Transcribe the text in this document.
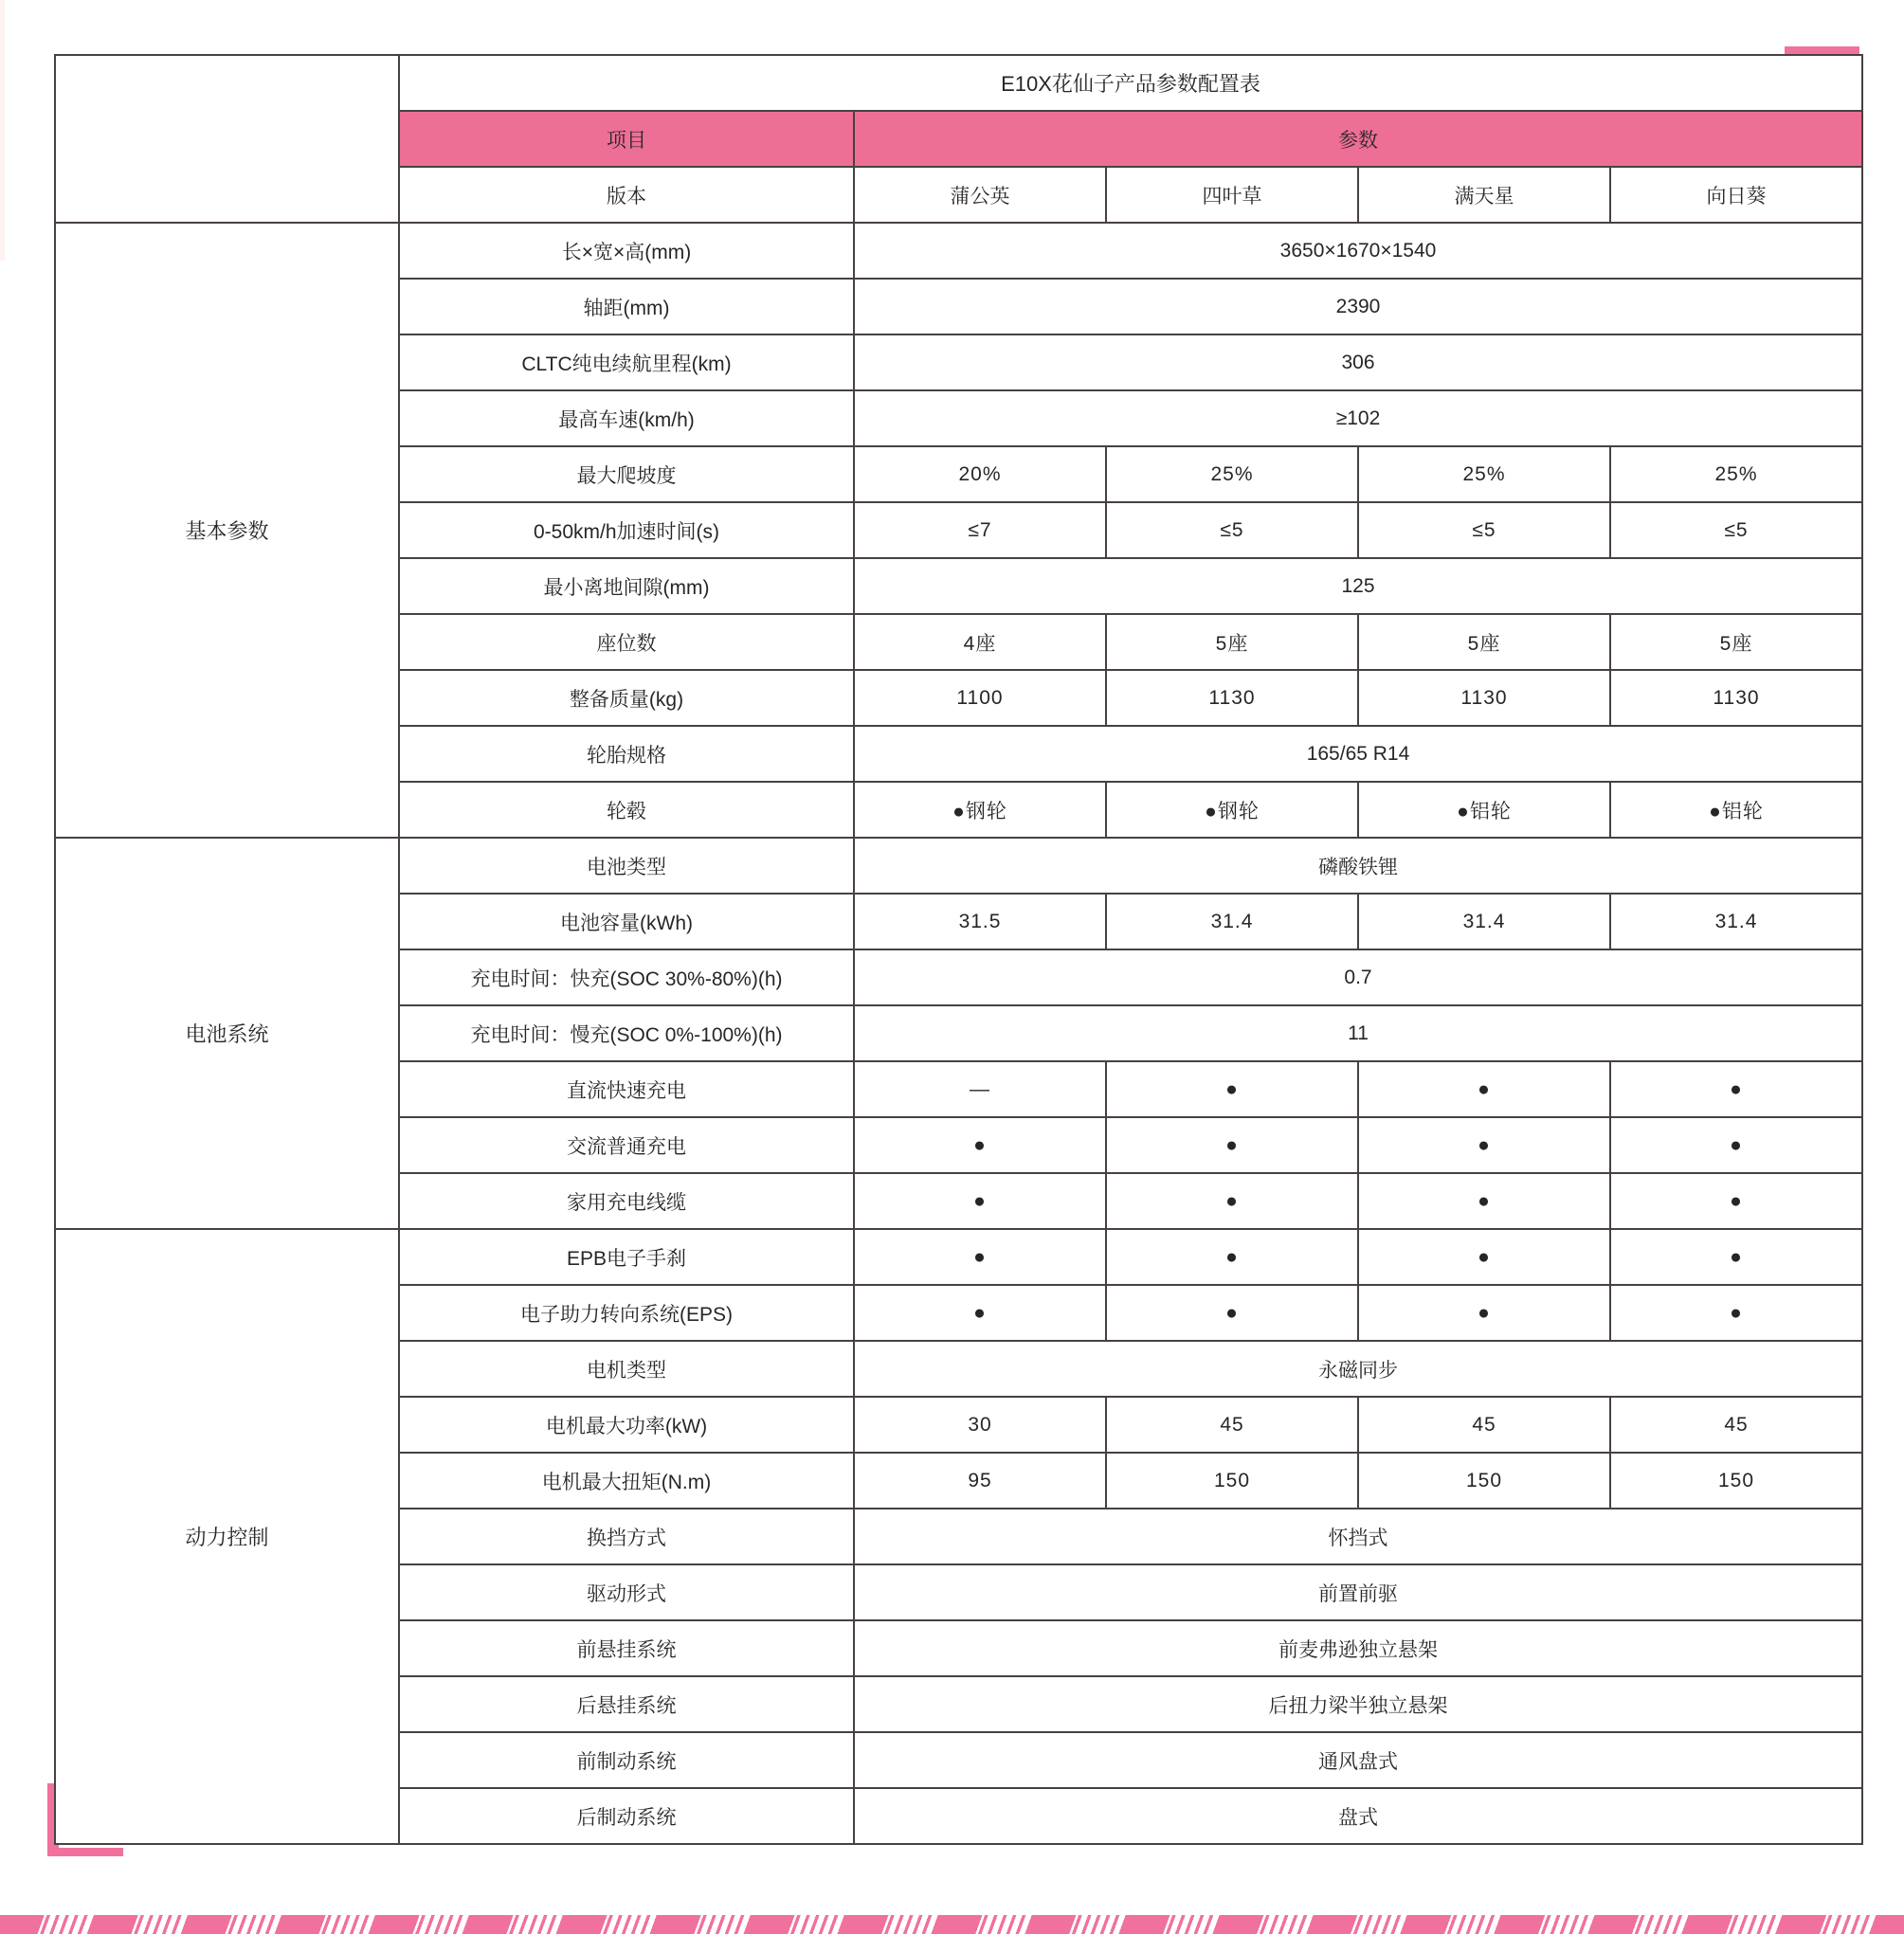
	E10X花仙子产品参数配置表				
	项目	参数			
	版本	蒲公英	四叶草	满天星	向日葵
基本参数	长×宽×高(mm)	3650×1670×1540			
	轴距(mm)	2390			
	CLTC纯电续航里程(km)	306			
	最高车速(km/h)	≥102			
	最大爬坡度	20%	25%	25%	25%
	0-50km/h加速时间(s)	≤7	≤5	≤5	≤5
	最小离地间隙(mm)	125			
	座位数	4座	5座	5座	5座
	整备质量(kg)	1100	1130	1130	1130
	轮胎规格	165/65 R14			
	轮毂	●钢轮	●钢轮	●铝轮	●铝轮
电池系统	电池类型	磷酸铁锂			
	电池容量(kWh)	31.5	31.4	31.4	31.4
	充电时间：快充(SOC 30%-80%)(h)	0.7			
	充电时间：慢充(SOC 0%-100%)(h)	11			
	直流快速充电	—	●	●	●
	交流普通充电	●	●	●	●
	家用充电线缆	●	●	●	●
动力控制	EPB电子手刹	●	●	●	●
	电子助力转向系统(EPS)	●	●	●	●
	电机类型	永磁同步			
	电机最大功率(kW)	30	45	45	45
	电机最大扭矩(N.m)	95	150	150	150
	换挡方式	怀挡式			
	驱动形式	前置前驱			
	前悬挂系统	前麦弗逊独立悬架			
	后悬挂系统	后扭力梁半独立悬架			
	前制动系统	通风盘式			
	后制动系统	盘式			
